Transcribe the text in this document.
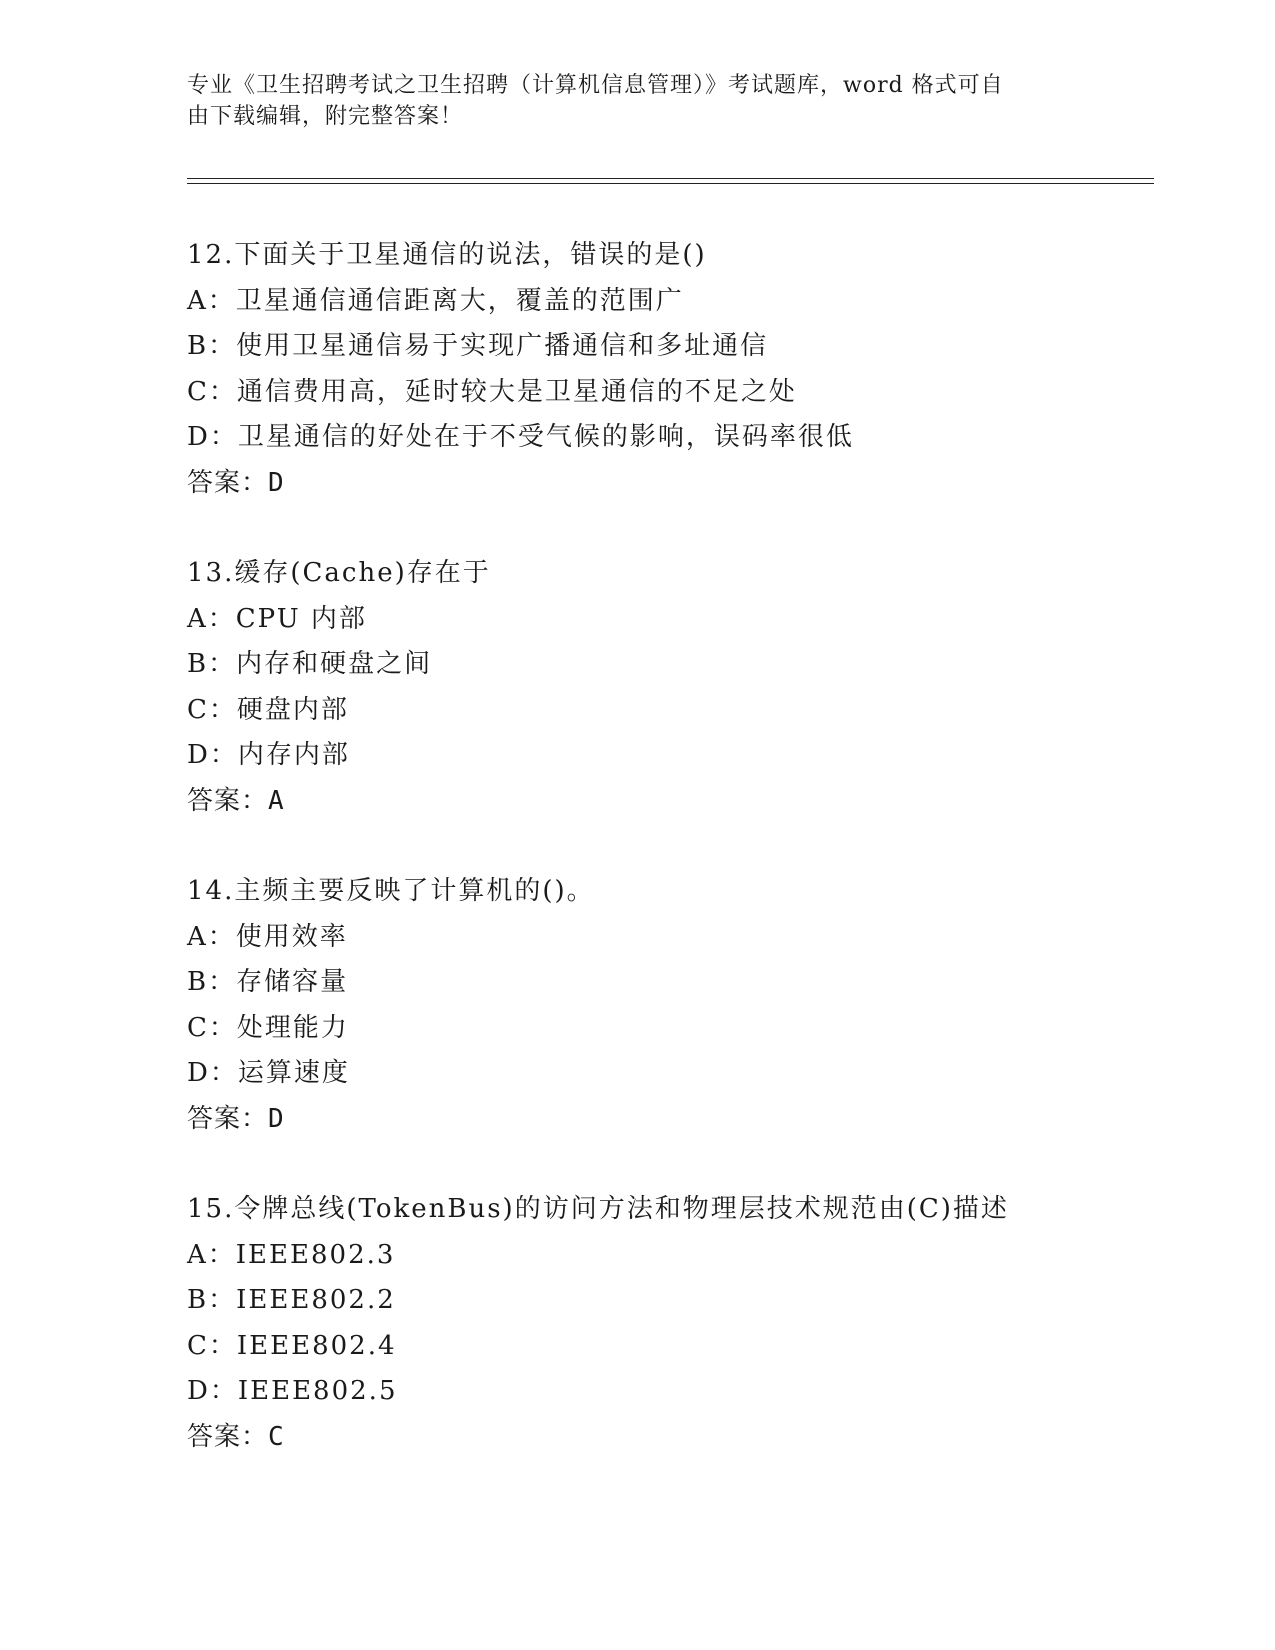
专业《卫生招聘考试之卫生招聘（计算机信息管理）》考试题库，word 格式可自
由下载编辑，附完整答案！
12.下面关于卫星通信的说法，错误的是()
A：卫星通信通信距离大，覆盖的范围广
B：使用卫星通信易于实现广播通信和多址通信
C：通信费用高，延时较大是卫星通信的不足之处
D：卫星通信的好处在于不受气候的影响，误码率很低
答案：D
13.缓存(Cache)存在于
A：CPU 内部
B：内存和硬盘之间
C：硬盘内部
D：内存内部
答案：A
14.主频主要反映了计算机的()。
A：使用效率
B：存储容量
C：处理能力
D：运算速度
答案：D
15.令牌总线(TokenBus)的访问方法和物理层技术规范由(C)描述
A：IEEE802.3
B：IEEE802.2
C：IEEE802.4
D：IEEE802.5
答案：C
